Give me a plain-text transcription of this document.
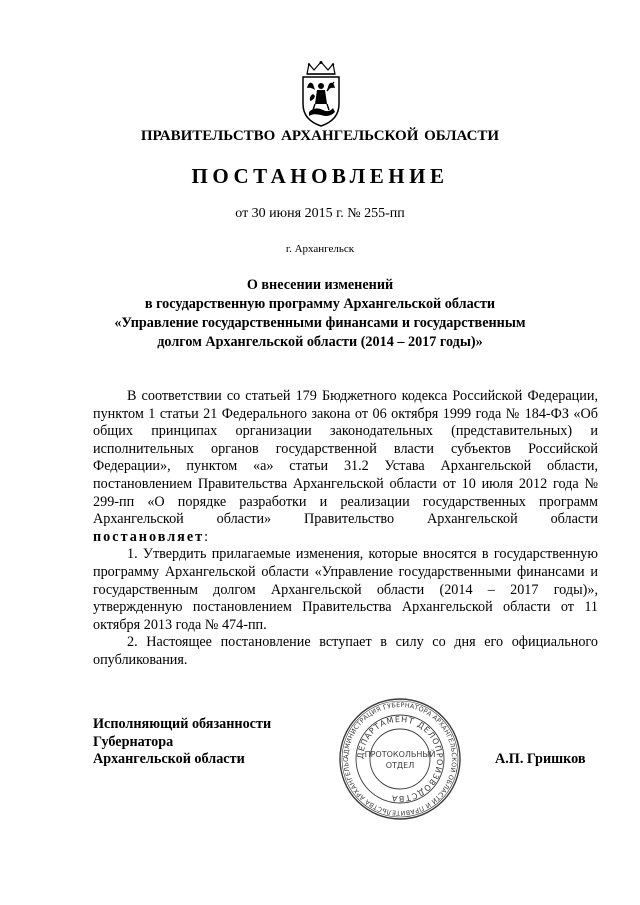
ПРАВИТЕЛЬСТВО АРХАНГЕЛЬСКОЙ ОБЛАСТИ
ПОСТАНОВЛЕНИЕ
от 30 июня 2015 г. № 255-пп
г. Архангельск
О внесении изменений
в государственную программу Архангельской области
«Управление государственными финансами и государственным
долгом Архангельской области (2014 – 2017 годы)»

В соответствии со статьей 179 Бюджетного кодекса Российской Федерации, пунктом 1 статьи 21 Федерального закона от 06 октября 1999 года № 184-ФЗ «Об общих принципах организации законодательных (представительных) и исполнительных органов государственной власти субъектов Российской Федерации», пунктом «а» статьи 31.2 Устава Архангельской области, постановлением Правительства Архангельской области от 10 июля 2012 года № 299-пп «О порядке разработки и реализации государственных программ Архангельской области» Правительство Архангельской области постановляет:

1. Утвердить прилагаемые изменения, которые вносятся в государственную программу Архангельской области «Управление государственными финансами и государственным долгом Архангельской области (2014 – 2017 годы)», утвержденную постановлением Правительства Архангельской области от 11 октября 2013 года № 474-пп.

2. Настоящее постановление вступает в силу со дня его официального опубликования.

Исполняющий обязанности
Губернатора
Архангельской области	АДМИНИСТРАЦИЯ ГУБЕРНАТОРА АРХАНГЕЛЬСКОЙ ОБЛАСТИ И ПРАВИТЕЛЬСТВА АРХАНГЕЛЬС
ДЕПАРТАМЕНТ ДЕЛОПРОИЗВОДСТВА
ПРОТОКОЛЬНЫЙ
ОТДЕЛ	А.П. Гришков
